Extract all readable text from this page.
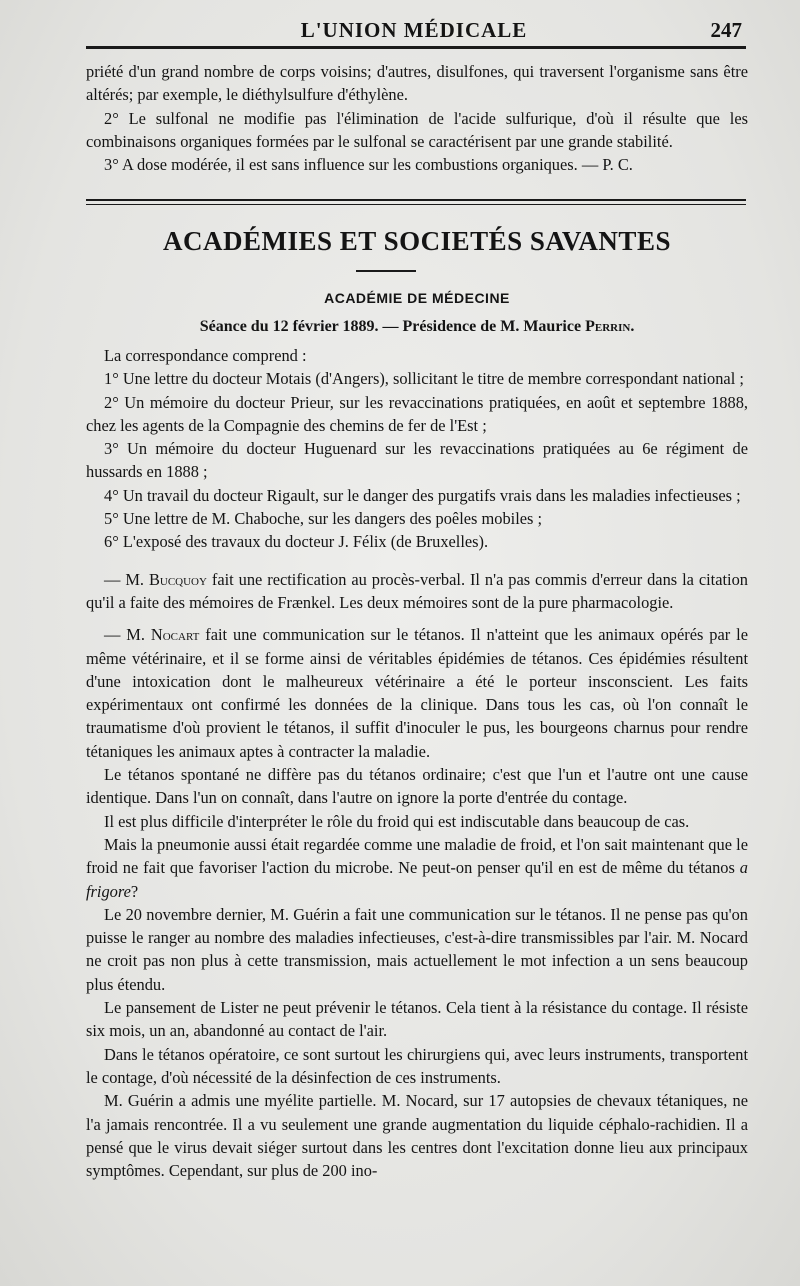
L'UNION MÉDICALE	247

priété d'un grand nombre de corps voisins; d'autres, disulfones, qui traversent l'organisme sans être altérés; par exemple, le diéthylsulfure d'éthylène.

2° Le sulfonal ne modifie pas l'élimination de l'acide sulfurique, d'où il résulte que les combinaisons organiques formées par le sulfonal se caractérisent par une grande stabilité.

3° A dose modérée, il est sans influence sur les combustions organiques. — P. C.

ACADÉMIES ET SOCIETÉS SAVANTES
ACADÉMIE DE MÉDECINE
Séance du 12 février 1889. — Présidence de M. Maurice Perrin.

La correspondance comprend :

1° Une lettre du docteur Motais (d'Angers), sollicitant le titre de membre correspondant national ;

2° Un mémoire du docteur Prieur, sur les revaccinations pratiquées, en août et septembre 1888, chez les agents de la Compagnie des chemins de fer de l'Est ;

3° Un mémoire du docteur Huguenard sur les revaccinations pratiquées au 6e régiment de hussards en 1888 ;

4° Un travail du docteur Rigault, sur le danger des purgatifs vrais dans les maladies infectieuses ;

5° Une lettre de M. Chaboche, sur les dangers des poêles mobiles ;

6° L'exposé des travaux du docteur J. Félix (de Bruxelles).

— M. Bucquoy fait une rectification au procès-verbal. Il n'a pas commis d'erreur dans la citation qu'il a faite des mémoires de Frænkel. Les deux mémoires sont de la pure pharmacologie.

— M. Nocart fait une communication sur le tétanos. Il n'atteint que les animaux opérés par le même vétérinaire, et il se forme ainsi de véritables épidémies de tétanos. Ces épidémies résultent d'une intoxication dont le malheureux vétérinaire a été le porteur insconscient. Les faits expérimentaux ont confirmé les données de la clinique. Dans tous les cas, où l'on connaît le traumatisme d'où provient le tétanos, il suffit d'inoculer le pus, les bourgeons charnus pour rendre tétaniques les animaux aptes à contracter la maladie.

Le tétanos spontané ne diffère pas du tétanos ordinaire; c'est que l'un et l'autre ont une cause identique. Dans l'un on connaît, dans l'autre on ignore la porte d'entrée du contage.

Il est plus difficile d'interpréter le rôle du froid qui est indiscutable dans beaucoup de cas.

Mais la pneumonie aussi était regardée comme une maladie de froid, et l'on sait maintenant que le froid ne fait que favoriser l'action du microbe. Ne peut-on penser qu'il en est de même du tétanos a frigore?

Le 20 novembre dernier, M. Guérin a fait une communication sur le tétanos. Il ne pense pas qu'on puisse le ranger au nombre des maladies infectieuses, c'est-à-dire transmissibles par l'air. M. Nocard ne croit pas non plus à cette transmission, mais actuellement le mot infection a un sens beaucoup plus étendu.

Le pansement de Lister ne peut prévenir le tétanos. Cela tient à la résistance du contage. Il résiste six mois, un an, abandonné au contact de l'air.

Dans le tétanos opératoire, ce sont surtout les chirurgiens qui, avec leurs instruments, transportent le contage, d'où nécessité de la désinfection de ces instruments.

M. Guérin a admis une myélite partielle. M. Nocard, sur 17 autopsies de chevaux tétaniques, ne l'a jamais rencontrée. Il a vu seulement une grande augmentation du liquide céphalo-rachidien. Il a pensé que le virus devait siéger surtout dans les centres dont l'excitation donne lieu aux principaux symptômes. Cependant, sur plus de 200 ino-
